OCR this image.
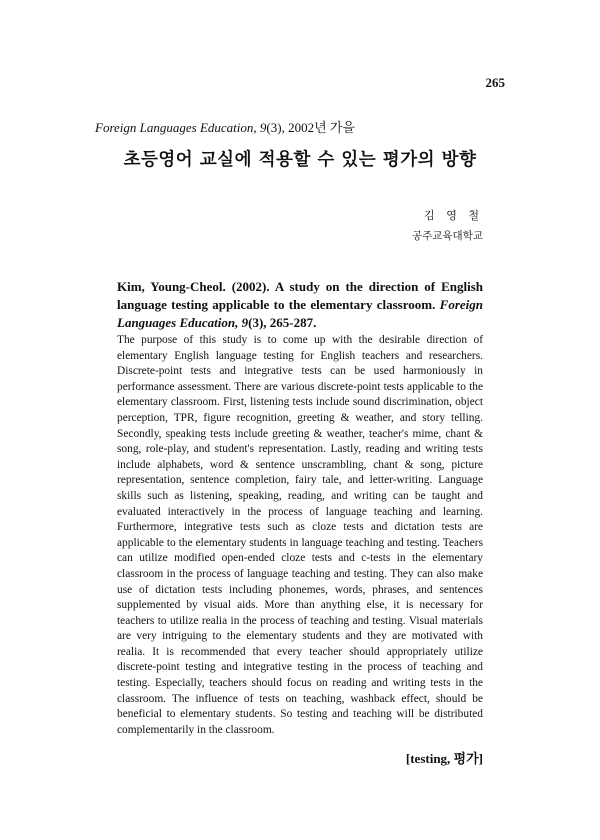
265
Foreign Languages Education, 9(3), 2002년 가을
초등영어 교실에 적용할 수 있는 평가의 방향
김 영 철
공주교육대학교
Kim, Young-Cheol. (2002). A study on the direction of English language testing applicable to the elementary classroom. Foreign Languages Education, 9(3), 265-287.
The purpose of this study is to come up with the desirable direction of elementary English language testing for English teachers and researchers. Discrete-point tests and integrative tests can be used harmoniously in performance assessment. There are various discrete-point tests applicable to the elementary classroom. First, listening tests include sound discrimination, object perception, TPR, figure recognition, greeting & weather, and story telling. Secondly, speaking tests include greeting & weather, teacher's mime, chant & song, role-play, and student's representation. Lastly, reading and writing tests include alphabets, word & sentence unscrambling, chant & song, picture representation, sentence completion, fairy tale, and letter-writing. Language skills such as listening, speaking, reading, and writing can be taught and evaluated interactively in the process of language teaching and learning. Furthermore, integrative tests such as cloze tests and dictation tests are applicable to the elementary students in language teaching and testing. Teachers can utilize modified open-ended cloze tests and c-tests in the elementary classroom in the process of language teaching and testing. They can also make use of dictation tests including phonemes, words, phrases, and sentences supplemented by visual aids. More than anything else, it is necessary for teachers to utilize realia in the process of teaching and testing. Visual materials are very intriguing to the elementary students and they are motivated with realia. It is recommended that every teacher should appropriately utilize discrete-point testing and integrative testing in the process of teaching and testing. Especially, teachers should focus on reading and writing tests in the classroom. The influence of tests on teaching, washback effect, should be beneficial to elementary students. So testing and teaching will be distributed complementarily in the classroom.
[testing, 평가]
